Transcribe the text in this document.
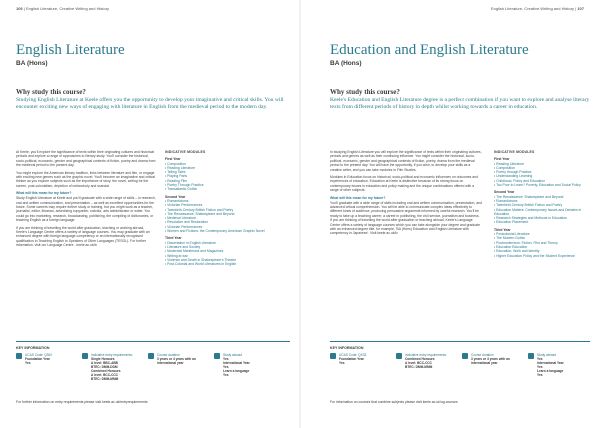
106 | English Literature, Creative Writing and History
English Literature
BA (Hons)
Why study this course?
Studying English Literature at Keele offers you the opportunity to develop your imaginative and critical skills. You will encounter exciting new ways of engaging with literature in English from the medieval period to the modern day.

At Keele, you'll explore the significance of texts within their originating cultures and historical periods and explore a range of approaches to literary study. You'll consider the historical, socio-political, economic, gender and geographical contexts of fiction, poetry and drama from the medieval period to the present day.

You might explore the American literary tradition, links between literature and film, or engage with exciting new genres such as the graphic novel. You'll become an imaginative and critical thinker as you explore subjects such as the importance of story, the novel, writing for the screen, post-colonialism, depiction of melancholy and scandal.

What will this mean for my future?

Study English Literature at Keele and you'll graduate with a wide range of skills – in research, oral and written communication, and presentation – as well as excellent opportunities for the future. Some careers may require further study or training, but you might work as a teacher, journalist, editor, librarian, advertising copywriter, solicitor, arts administrator or writer. You could go into marketing, research, broadcasting, publishing, the compiling of dictionaries, or teaching English as a foreign language.

If you are thinking of travelling the world after graduation, teaching or working abroad, Keele's Language Centre offers a variety of language courses. You may graduate with an enhanced degree with foreign language competency or an internationally recognised qualification in Teaching English to Speakers of Other Languages (TESOL). For further information, visit our Language Centre - keele.ac.uk/lc

INDICATIVE MODULES
First Year
• Composition
• Reading Literature
• Telling Tales
• Playing Parts
• Reading Film
• Poetry Through Practice
• Transatlantic Gothic
Second Year
• Romanticisms
• Victorian Performances
• Twentieth-Century British Fiction and Poetry
• The Renaissance: Shakespeare and Beyond
• Medieval Literature
• Revolution and Restoration
• Victorian Performances
• Women and Fictions: the Contemporary American Graphic Novel
Third Year
• Dissertation in English Literature
• Literature and Society
• Modernist Manifestos and Magazines
• Writing at war
• Violence and Death in Shakespeare's Theatre
• Post-Colonial and World Literatures in English
KEY INFORMATION
UCAS Code: Q300
Foundation Year
Yes
Indicative entry requirements:
Single Honours
A level: BBC-ABB
BTEC: DMM-DDM
Combined Honours
A level: BCC-CCC
BTEC: DMM-MMM
Course duration
3 years or 4 years with an international year
Study abroad
Yes
International Year
Yes
Learn a language
Yes
For further information on entry requirements please visit keele.ac.uk/entryrequirements
English Literature, Creative Writing and History | 107
Education and English Literature
BA (Hons)
Why study this course?
Keele's Education and English Literature degree is a perfect combination if you want to explore and analyse literary texts from different periods of history in depth whilst working towards a career in education.

In studying English Literature you will explore the significance of texts within their originating cultures, periods and genres as well as their continuing influence. You might consider the historical, socio-political, economic, gender and geographical contexts of fiction, poetry, drama from the medieval period to the present day. You will have the opportunity, if you wish, to develop your skills as a creative writer, and you can take modules in Film Studies.

Modules in Education focus on historical, socio-political and economic influences on outcomes and experiences of education. Education at Keele is distinctive because of its strong focus on contemporary issues in education and policy making and the unique combinations offered with a range of other subjects.

What will this mean for my future?

You'll graduate with a wide range of skills including oral and written communication, presentation, and advanced critical comprehension. You will be able to communicate complex ideas effectively to different kinds of audience, producing persuasive arguments informed by careful research. You'll be ready to take up a teaching career, a career in publishing, the civil service, journalism and business. If you are thinking of travelling the world after graduation or teaching abroad, Keele's Language Centre offers a variety of language courses which you can take alongside your degree and graduate with an enhanced degree title, for example, 'BA (Hons) Education and English Literature with competency in Japanese'. Visit keele.ac.uk/lc

INDICATIVE MODULES
First Year
• Reading Literature
• Composition
• Poetry through Practice
• Understanding Learning
• Childhood, Policy and Education
• Too Poor to Learn? Poverty, Education and Social Policy
Second Year
• The Renaissance: Shakespeare and Beyond
• Romanticisms
• Twentieth-Century British Fiction and Poetry
• Education Matters: Contemporary Issues and Debates in Education
• Research Strategies and Methods in Education
• Education Placement
Third Year
• Postcolonial Literature
• The Modern Gothic
• Postmodernism: Fiction, Film and Theory
• Education Education
• Education, Work and Identity
• Higher Education Policy and the Student Experience
KEY INFORMATION
UCAS Code: QX33
Foundation Year
Yes
Indicative entry requirements:
Combined Honours
A level: BCC-CCC
BTEC: DMM-MMM
Course duration
3 years or 4 years with an international year
Study abroad
Yes
International Year
Yes
Learn a language
Yes
For information on courses that combine subjects please visit keele.ac.uk/ug-courses
